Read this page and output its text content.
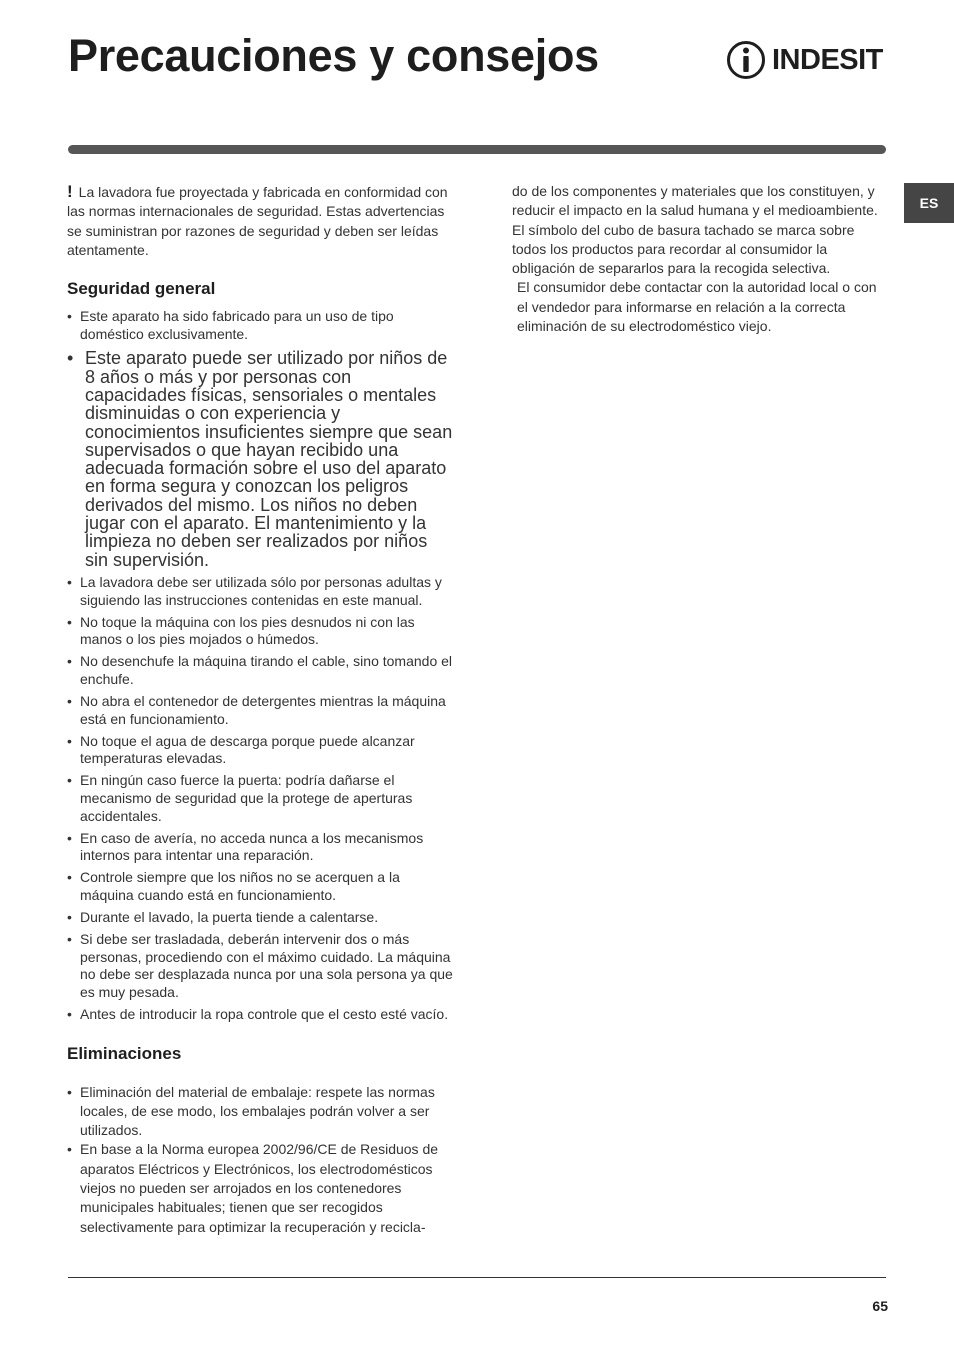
Precauciones y consejos	INDESIT
ES

! La lavadora fue proyectada y fabricada en conformidad con las normas internacionales de seguridad. Estas advertencias se suministran por razones de seguridad y deben ser leídas atentamente.

Seguridad general
• Este aparato ha sido fabricado para un uso de tipo doméstico exclusivamente.
• Este aparato puede ser utilizado por niños de 8 años o más y por personas con capacidades físicas, sensoriales o mentales disminuidas o con experiencia y conocimientos insuficientes siempre que sean supervisados o que hayan recibido una adecuada formación sobre el uso del aparato en forma segura y conozcan los peligros derivados del mismo. Los niños no deben jugar con el aparato. El mantenimiento y la limpieza no deben ser realizados por niños sin supervisión.
• La lavadora debe ser utilizada sólo por personas adultas y siguiendo las instrucciones contenidas en este manual.
• No toque la máquina con los pies desnudos ni con las manos o los pies mojados o húmedos.
• No desenchufe la máquina tirando el cable, sino tomando el enchufe.
• No abra el contenedor de detergentes mientras la máquina está en funcionamiento.
• No toque el agua de descarga porque puede alcanzar temperaturas elevadas.
• En ningún caso fuerce la puerta: podría dañarse el mecanismo de seguridad que la protege de aperturas accidentales.
• En caso de avería, no acceda nunca a los mecanismos internos para intentar una reparación.
• Controle siempre que los niños no se acerquen a la máquina cuando está en funcionamiento.
• Durante el lavado, la puerta tiende a calentarse.
• Si debe ser trasladada, deberán intervenir dos o más personas, procediendo con el máximo cuidado. La máquina no debe ser desplazada nunca por una sola persona ya que es muy pesada.
• Antes de introducir la ropa controle que el cesto esté vacío.
Eliminaciones
• Eliminación del material de embalaje: respete las normas locales, de ese modo, los embalajes podrán volver a ser utilizados.
• En base a la Norma europea 2002/96/CE de Residuos de aparatos Eléctricos y Electrónicos, los electrodomésticos viejos no pueden ser arrojados en los contenedores municipales habituales; tienen que ser recogidos selectivamente para optimizar la recuperación y recicla-

do de los componentes y materiales que los constituyen, y reducir el impacto en la salud humana y el medioambiente. El símbolo del cubo de basura tachado se marca sobre todos los productos para recordar al consumidor la obligación de separarlos para la recogida selectiva.

El consumidor debe contactar con la autoridad local o con el vendedor para informarse en relación a la correcta eliminación de su electrodoméstico viejo.

65
